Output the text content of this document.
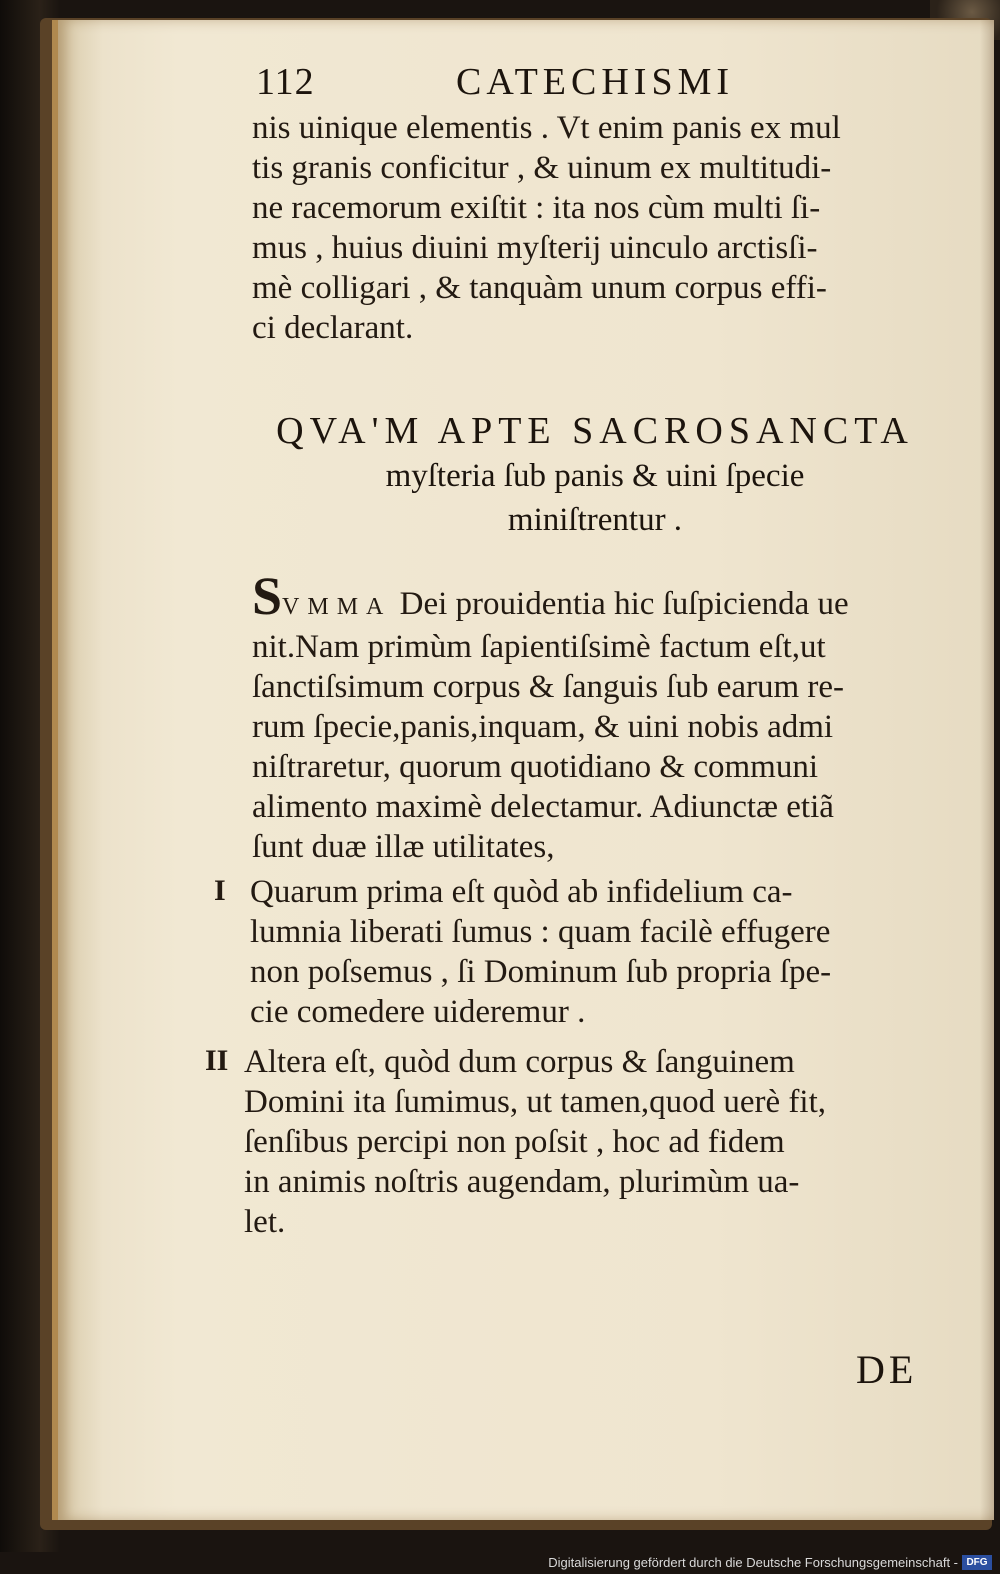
112	CATECHISMI
nis uinique elementis . Vt enim panis ex mul
tis granis conficitur , & uinum ex multitudi-
ne racemorum exiſtit : ita nos cùm multi ſi-
mus , huius diuini myſterij uinculo arctisſi-
mè colligari , & tanquàm unum corpus effi-
ci declarant.
QVA'M APTE SACROSANCTA
myſteria ſub panis & uini ſpecie
miniſtrentur .
SVMMA Dei prouidentia hic ſuſpicienda ue
nit.Nam primùm ſapientiſsimè factum eſt,ut
ſanctiſsimum corpus & ſanguis ſub earum re-
rum ſpecie,panis,inquam, & uini nobis admi
niſtraretur, quorum quotidiano & communi
alimento maximè delectamur. Adiunctæ etiã
ſunt duæ illæ utilitates,
I Quarum prima eſt quòd ab infidelium ca-
lumnia liberati ſumus : quam facilè effugere
non poſsemus , ſi Dominum ſub propria ſpe-
cie comedere uideremur .
II Altera eſt, quòd dum corpus & ſanguinem
Domini ita ſumimus, ut tamen,quod uerè fit,
ſenſibus percipi non poſsit , hoc ad fidem
in animis noſtris augendam, plurimùm ua-
let.
DE
Digitalisierung gefördert durch die Deutsche Forschungsgemeinschaft - DFG
